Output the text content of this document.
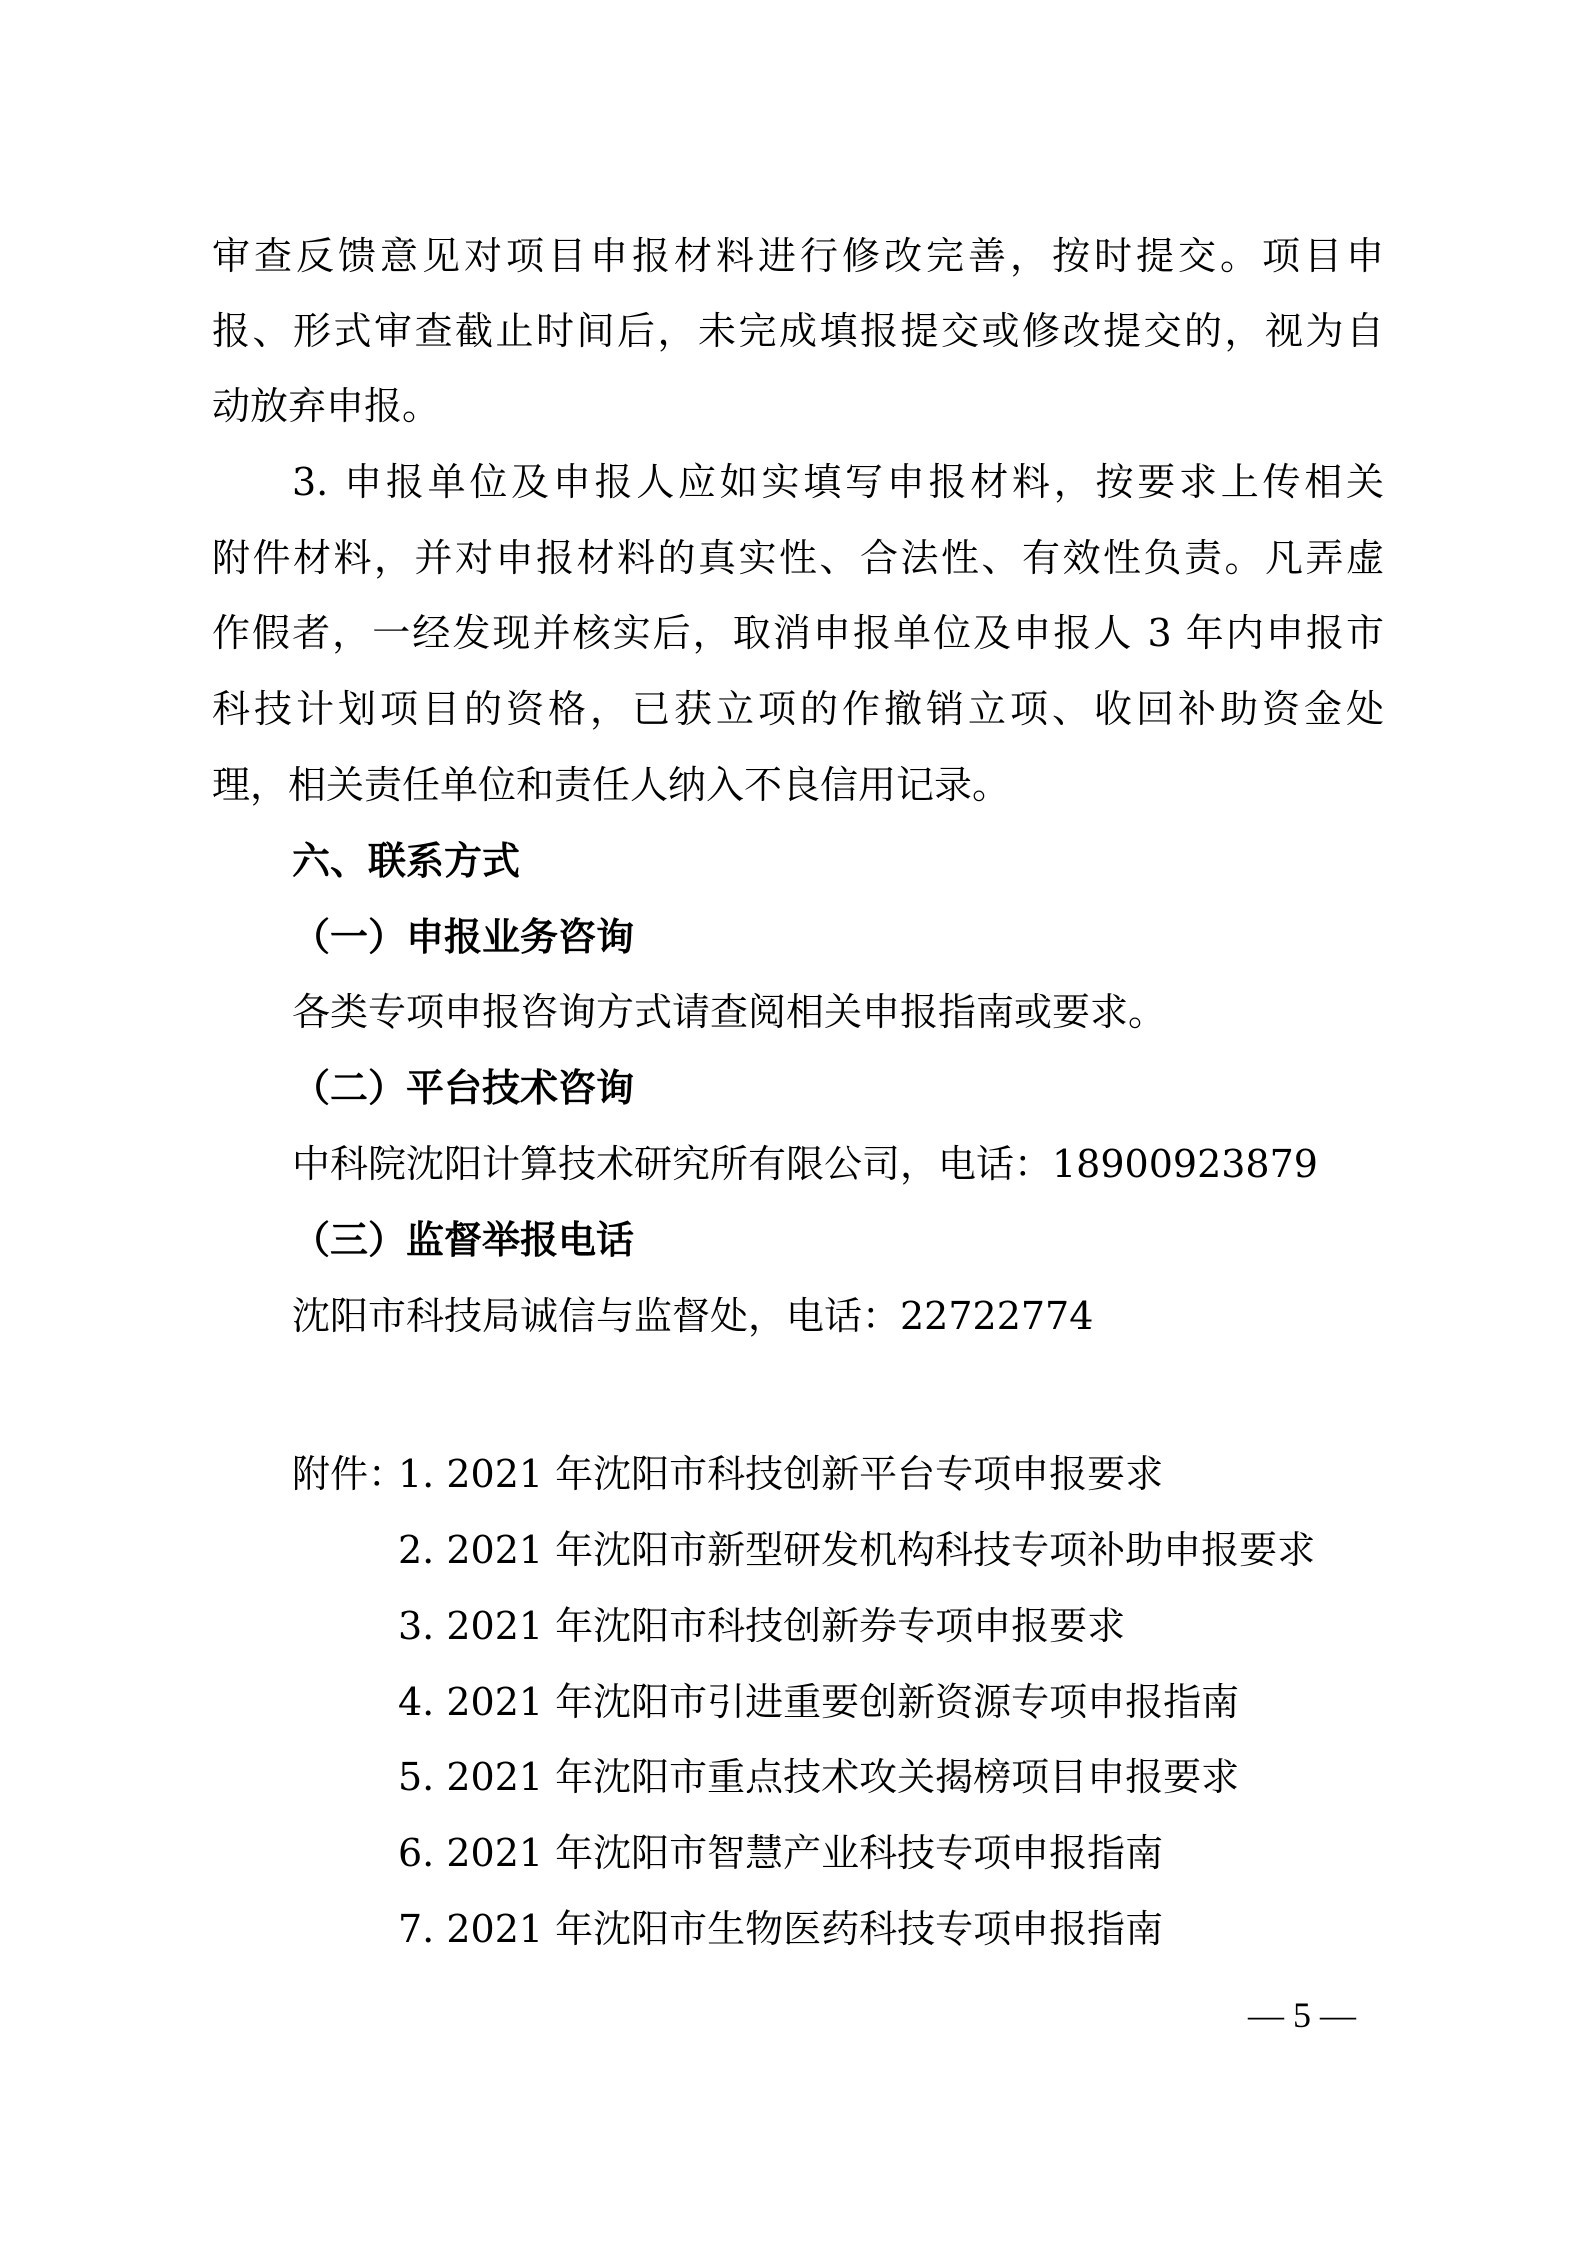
审查反馈意见对项目申报材料进行修改完善，按时提交。项目申
报、形式审查截止时间后，未完成填报提交或修改提交的，视为自
动放弃申报。
3. 申报单位及申报人应如实填写申报材料，按要求上传相关
附件材料，并对申报材料的真实性、合法性、有效性负责。凡弄虚
作假者，一经发现并核实后，取消申报单位及申报人 3 年内申报市
科技计划项目的资格，已获立项的作撤销立项、收回补助资金处
理，相关责任单位和责任人纳入不良信用记录。
六、联系方式
（一）申报业务咨询
各类专项申报咨询方式请查阅相关申报指南或要求。
（二）平台技术咨询
中科院沈阳计算技术研究所有限公司，电话：18900923879
（三）监督举报电话
沈阳市科技局诚信与监督处，电话：22722774
附件：
1. 2021 年沈阳市科技创新平台专项申报要求
2. 2021 年沈阳市新型研发机构科技专项补助申报要求
3. 2021 年沈阳市科技创新券专项申报要求
4. 2021 年沈阳市引进重要创新资源专项申报指南
5. 2021 年沈阳市重点技术攻关揭榜项目申报要求
6. 2021 年沈阳市智慧产业科技专项申报指南
7. 2021 年沈阳市生物医药科技专项申报指南
— 5 —
